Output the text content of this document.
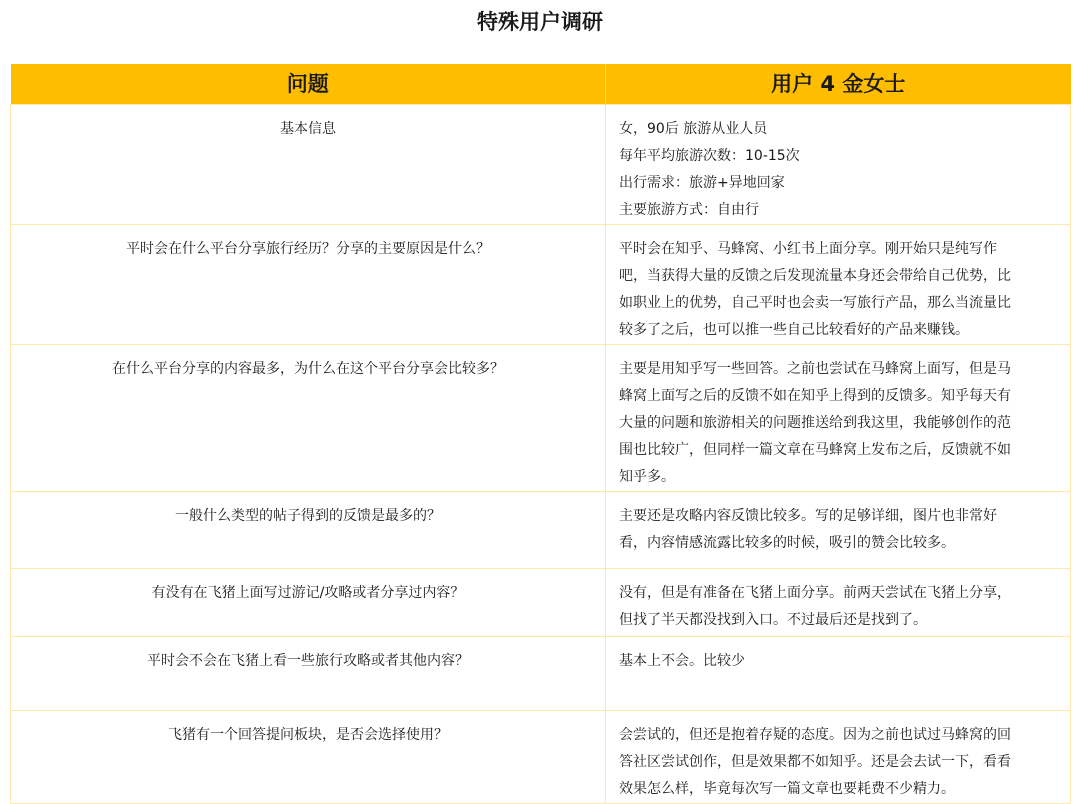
特殊用户调研
问题	用户 4 金女士
基本信息	女，90后 旅游从业人员
每年平均旅游次数：10-15次
出行需求：旅游+异地回家
主要旅游方式：自由行

平时会在什么平台分享旅行经历？分享的主要原因是什么？	平时会在知乎、马蜂窝、小红书上面分享。刚开始只是纯写作
吧，当获得大量的反馈之后发现流量本身还会带给自己优势，比
如职业上的优势，自己平时也会卖一写旅行产品，那么当流量比
较多了之后，也可以推一些自己比较看好的产品来赚钱。

在什么平台分享的内容最多，为什么在这个平台分享会比较多？	主要是用知乎写一些回答。之前也尝试在马蜂窝上面写，但是马
蜂窝上面写之后的反馈不如在知乎上得到的反馈多。知乎每天有
大量的问题和旅游相关的问题推送给到我这里，我能够创作的范
围也比较广，但同样一篇文章在马蜂窝上发布之后，反馈就不如
知乎多。

一般什么类型的帖子得到的反馈是最多的？	主要还是攻略内容反馈比较多。写的足够详细，图片也非常好
看，内容情感流露比较多的时候，吸引的赞会比较多。

有没有在飞猪上面写过游记/攻略或者分享过内容？	没有，但是有准备在飞猪上面分享。前两天尝试在飞猪上分享，
但找了半天都没找到入口。不过最后还是找到了。

平时会不会在飞猪上看一些旅行攻略或者其他内容？	基本上不会。比较少

飞猪有一个回答提问板块，是否会选择使用？	会尝试的，但还是抱着存疑的态度。因为之前也试过马蜂窝的回
答社区尝试创作，但是效果都不如知乎。还是会去试一下，看看
效果怎么样，毕竟每次写一篇文章也要耗费不少精力。
